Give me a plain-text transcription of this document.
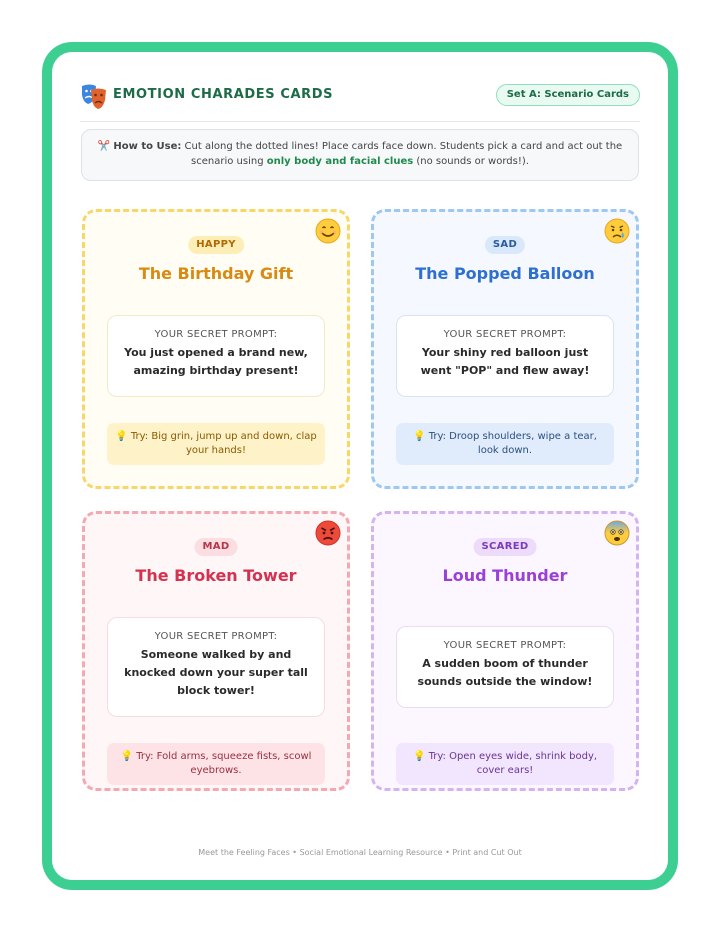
EMOTION CHARADES CARDS	Set A: Scenario Cards
✂️ How to Use: Cut along the dotted lines! Place cards face down. Students pick a card and act out the scenario using only body and facial clues (no sounds or words!).
HAPPY
The Birthday Gift
YOUR SECRET PROMPT:
You just opened a brand new, amazing birthday present!
💡 Try: Big grin, jump up and down, clap your hands!
SAD
The Popped Balloon
YOUR SECRET PROMPT:
Your shiny red balloon just went "POP" and flew away!
💡 Try: Droop shoulders, wipe a tear, look down.
MAD
The Broken Tower
YOUR SECRET PROMPT:
Someone walked by and knocked down your super tall block tower!
💡 Try: Fold arms, squeeze fists, scowl eyebrows.
SCARED
Loud Thunder
YOUR SECRET PROMPT:
A sudden boom of thunder sounds outside the window!
💡 Try: Open eyes wide, shrink body, cover ears!
Meet the Feeling Faces • Social Emotional Learning Resource • Print and Cut Out
